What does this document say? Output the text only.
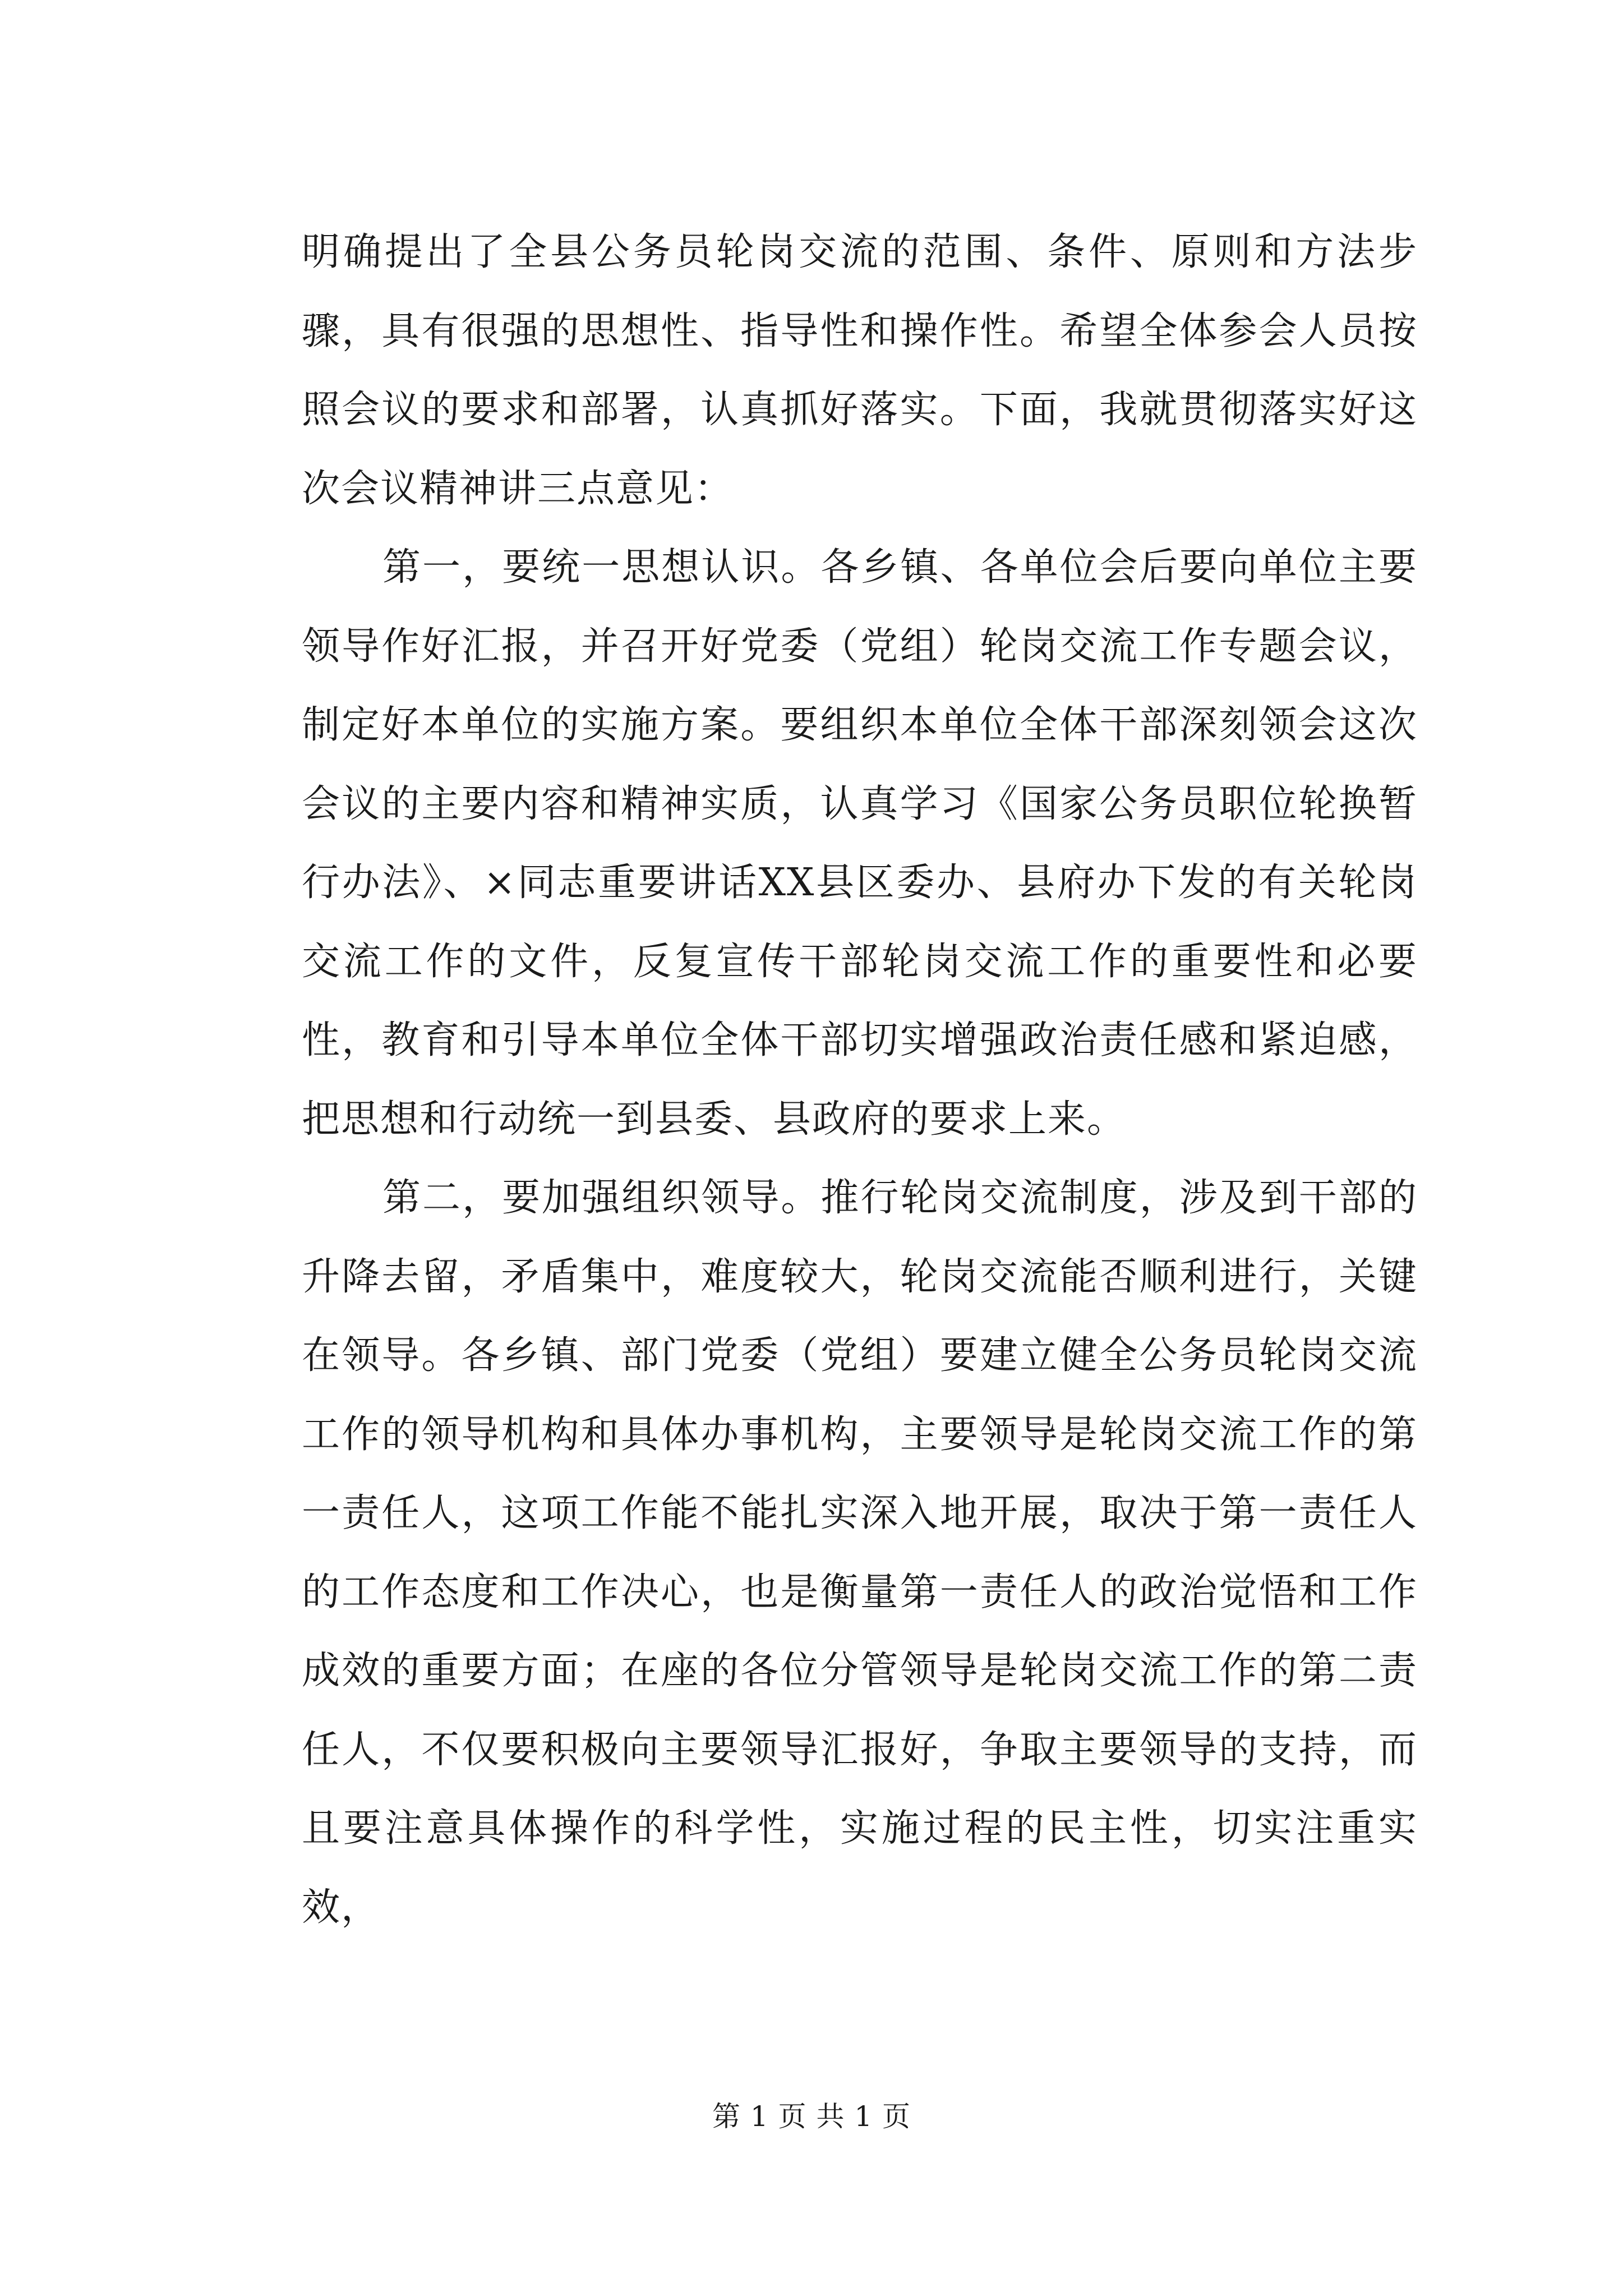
明确提出了全县公务员轮岗交流的范围、条件、原则和方法步骤，具有很强的思想性、指导性和操作性。希望全体参会人员按照会议的要求和部署，认真抓好落实。下面，我就贯彻落实好这次会议精神讲三点意见：

第一，要统一思想认识。各乡镇、各单位会后要向单位主要领导作好汇报，并召开好党委（党组）轮岗交流工作专题会议，制定好本单位的实施方案。要组织本单位全体干部深刻领会这次会议的主要内容和精神实质，认真学习《国家公务员职位轮换暂行办法》、×同志重要讲话XX县区委办、县府办下发的有关轮岗交流工作的文件，反复宣传干部轮岗交流工作的重要性和必要性，教育和引导本单位全体干部切实增强政治责任感和紧迫感，把思想和行动统一到县委、县政府的要求上来。

第二，要加强组织领导。推行轮岗交流制度，涉及到干部的升降去留，矛盾集中，难度较大，轮岗交流能否顺利进行，关键在领导。各乡镇、部门党委（党组）要建立健全公务员轮岗交流工作的领导机构和具体办事机构，主要领导是轮岗交流工作的第一责任人，这项工作能不能扎实深入地开展，取决于第一责任人的工作态度和工作决心，也是衡量第一责任人的政治觉悟和工作成效的重要方面；在座的各位分管领导是轮岗交流工作的第二责任人，不仅要积极向主要领导汇报好，争取主要领导的支持，而且要注意具体操作的科学性，实施过程的民主性，切实注重实效，

第 1 页 共 1 页
